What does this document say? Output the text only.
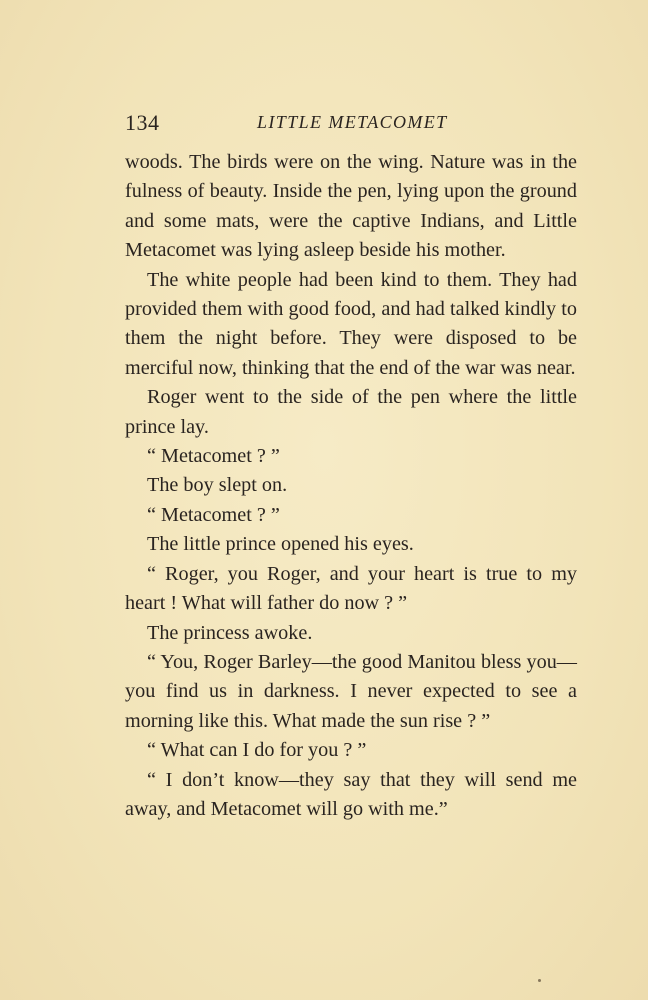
134	LITTLE METACOMET

woods. The birds were on the wing. Nature was in the fulness of beauty. Inside the pen, lying upon the ground and some mats, were the captive Indians, and Little Metacomet was lying asleep beside his mother.

The white people had been kind to them. They had provided them with good food, and had talked kindly to them the night before. They were disposed to be merciful now, thinking that the end of the war was near.

Roger went to the side of the pen where the little prince lay.

“ Metacomet ? ”

The boy slept on.

“ Metacomet ? ”

The little prince opened his eyes.

“ Roger, you Roger, and your heart is true to my heart ! What will father do now ? ”

The princess awoke.

“ You, Roger Barley—the good Manitou bless you—you find us in darkness. I never expected to see a morning like this. What made the sun rise ? ”

“ What can I do for you ? ”

“ I don’t know—they say that they will send me away, and Metacomet will go with me.”
